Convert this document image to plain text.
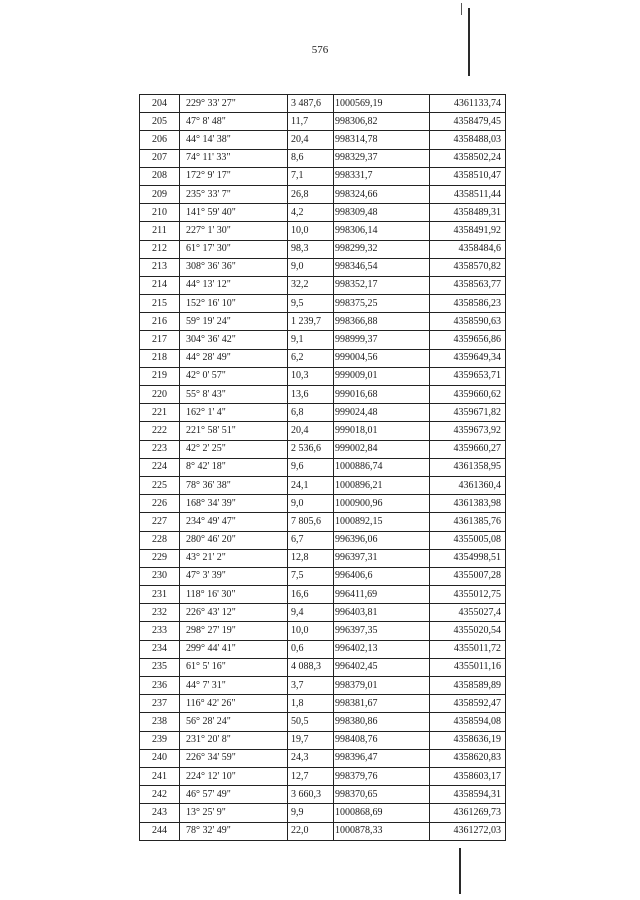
576
204	229° 33' 27"	3 487,6	1000569,19	4361133,74
205	47° 8' 48"	11,7	998306,82	4358479,45
206	44° 14' 38"	20,4	998314,78	4358488,03
207	74° 11' 33"	8,6	998329,37	4358502,24
208	172° 9' 17"	7,1	998331,7	4358510,47
209	235° 33' 7"	26,8	998324,66	4358511,44
210	141° 59' 40"	4,2	998309,48	4358489,31
211	227° 1' 30"	10,0	998306,14	4358491,92
212	61° 17' 30"	98,3	998299,32	4358484,6
213	308° 36' 36"	9,0	998346,54	4358570,82
214	44° 13' 12"	32,2	998352,17	4358563,77
215	152° 16' 10"	9,5	998375,25	4358586,23
216	59° 19' 24"	1 239,7	998366,88	4358590,63
217	304° 36' 42"	9,1	998999,37	4359656,86
218	44° 28' 49"	6,2	999004,56	4359649,34
219	42° 0' 57"	10,3	999009,01	4359653,71
220	55° 8' 43"	13,6	999016,68	4359660,62
221	162° 1' 4"	6,8	999024,48	4359671,82
222	221° 58' 51"	20,4	999018,01	4359673,92
223	42° 2' 25"	2 536,6	999002,84	4359660,27
224	8° 42' 18"	9,6	1000886,74	4361358,95
225	78° 36' 38"	24,1	1000896,21	4361360,4
226	168° 34' 39"	9,0	1000900,96	4361383,98
227	234° 49' 47"	7 805,6	1000892,15	4361385,76
228	280° 46' 20"	6,7	996396,06	4355005,08
229	43° 21' 2"	12,8	996397,31	4354998,51
230	47° 3' 39"	7,5	996406,6	4355007,28
231	118° 16' 30"	16,6	996411,69	4355012,75
232	226° 43' 12"	9,4	996403,81	4355027,4
233	298° 27' 19"	10,0	996397,35	4355020,54
234	299° 44' 41"	0,6	996402,13	4355011,72
235	61° 5' 16"	4 088,3	996402,45	4355011,16
236	44° 7' 31"	3,7	998379,01	4358589,89
237	116° 42' 26"	1,8	998381,67	4358592,47
238	56° 28' 24"	50,5	998380,86	4358594,08
239	231° 20' 8"	19,7	998408,76	4358636,19
240	226° 34' 59"	24,3	998396,47	4358620,83
241	224° 12' 10"	12,7	998379,76	4358603,17
242	46° 57' 49"	3 660,3	998370,65	4358594,31
243	13° 25' 9"	9,9	1000868,69	4361269,73
244	78° 32' 49"	22,0	1000878,33	4361272,03
